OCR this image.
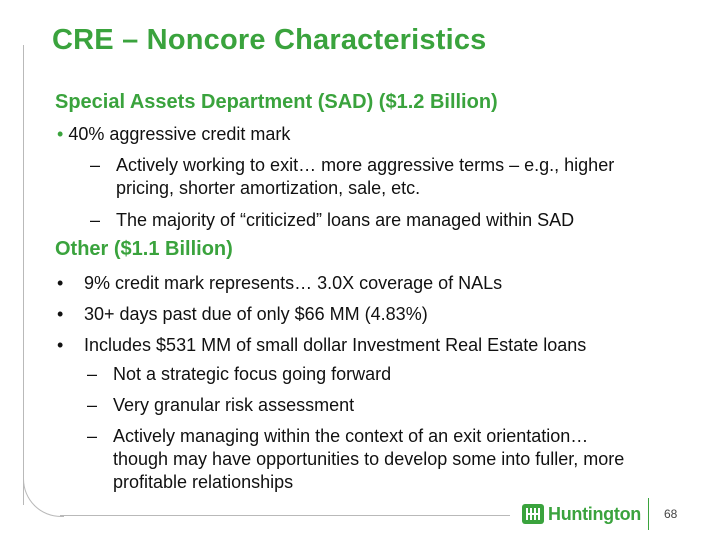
CRE – Noncore Characteristics
Special Assets Department (SAD) ($1.2 Billion)
• 40% aggressive credit mark
– Actively working to exit… more aggressive terms – e.g., higher
pricing, shorter amortization, sale, etc.
– The majority of “criticized” loans are managed within SAD
Other ($1.1 Billion)
• 9% credit mark represents… 3.0X coverage of NALs
• 30+ days past due of only $66 MM (4.83%)
• Includes $531 MM of small dollar Investment Real Estate loans
– Not a strategic focus going forward
– Very granular risk assessment
– Actively managing within the context of an exit orientation…
though may have opportunities to develop some into fuller, more
profitable relationships
Huntington 68
